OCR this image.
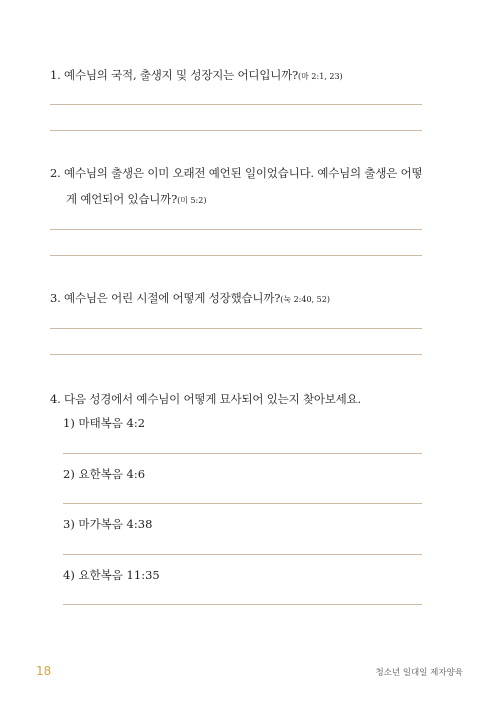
1. 예수님의 국적, 출생지 및 성장지는 어디입니까?(마 2:1, 23)
2. 예수님의 출생은 이미 오래전 예언된 일이었습니다. 예수님의 출생은 어떻
게 예언되어 있습니까?(미 5:2)
3. 예수님은 어린 시절에 어떻게 성장했습니까?(눅 2:40, 52)
4. 다음 성경에서 예수님이 어떻게 묘사되어 있는지 찾아보세요.
1) 마태복음 4:2
2) 요한복음 4:6
3) 마가복음 4:38
4) 요한복음 11:35
18	청소년 일대일 제자양육
